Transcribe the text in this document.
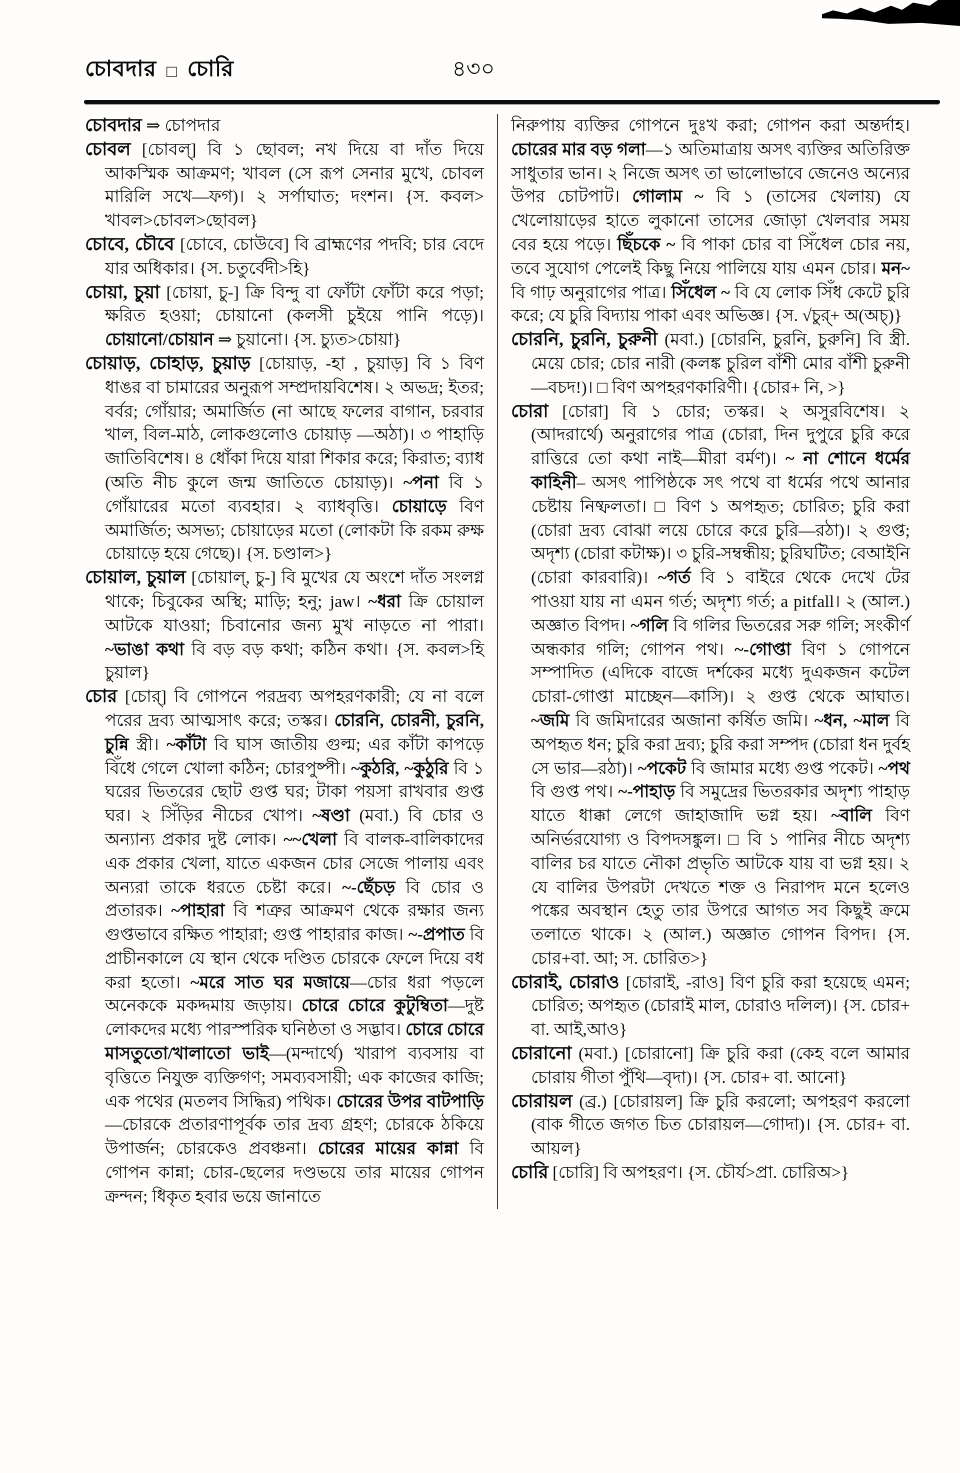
চোবদার □ চোরি	৪৩০

চোবদার ⇒ চোপদার

চোবল [চোবল্] বি ১ ছোবল; নখ দিয়ে বা দাঁত দিয়ে আকস্মিক আক্রমণ; খাবল (সে রূপ সেনার মুখে, চোবল মারিলি সখে—ফগ)। ২ সর্পাঘাত; দংশন। {স. কবল> খাবল>চোবল>ছোবল}

চোবে, চৌবে [চোবে, চোউবে] বি ব্রাহ্মণের পদবি; চার বেদে যার অধিকার। {স. চতুর্বেদী>হি}

চোয়া, চুয়া [চোয়া, চু-] ক্রি বিন্দু বা ফোঁটা ফোঁটা করে পড়া; ক্ষরিত হওয়া; চোয়ানো (কলসী চুইয়ে পানি পড়ে)। চোয়ানো/চোয়ান ⇒ চুয়ানো। {স. চ্যুত>চোয়া}

চোয়াড়, চোহাড়, চুয়াড় [চোয়াড়, -হা , চুয়াড়] বি ১ বিণ ধাঙর বা চামারের অনুরূপ সম্প্রদায়বিশেষ। ২ অভদ্র; ইতর; বর্বর; গোঁয়ার; অমার্জিত (না আছে ফলের বাগান, চরবার খাল, বিল-মাঠ, লোকগুলোও চোয়াড় —অঠা)। ৩ পাহাড়ি জাতিবিশেষ। ৪ ধোঁকা দিয়ে যারা শিকার করে; কিরাত; ব্যাধ (অতি নীচ কুলে জন্ম জাতিতে চোয়াড়)। ~পনা বি ১ গোঁয়ারের মতো ব্যবহার। ২ ব্যাধবৃত্তি। চোয়াড়ে বিণ অমার্জিত; অসভ্য; চোয়াড়ের মতো (লোকটা কি রকম রুক্ষ চোয়াড়ে হয়ে গেছে)। {স. চণ্ডাল>}

চোয়াল, চুয়াল [চোয়াল্, চু-] বি মুখের যে অংশে দাঁত সংলগ্ন থাকে; চিবুকের অস্থি; মাড়ি; হনু; jaw। ~ধরা ক্রি চোয়াল আটকে যাওয়া; চিবানোর জন্য মুখ নাড়তে না পারা। ~ভাঙা কথা বি বড় বড় কথা; কঠিন কথা। {স. কবল>হি চুয়াল}

চোর [চোর্] বি গোপনে পরদ্রব্য অপহরণকারী; যে না বলে পরের দ্রব্য আত্মসাৎ করে; তস্কর। চোরনি, চোরনী, চুরনি, চুন্নি স্ত্রী। ~কাঁটা বি ঘাস জাতীয় গুল্ম; এর কাঁটা কাপড়ে বিঁধে গেলে খোলা কঠিন; চোরপুষ্পী। ~কুঠরি, ~কুঠুরি বি ১ ঘরের ভিতরের ছোট গুপ্ত ঘর; টাকা পয়সা রাখবার গুপ্ত ঘর। ২ সিঁড়ির নীচের খোপ। ~ষণ্ডা (মবা.) বি চোর ও অন্যান্য প্রকার দুষ্ট লোক। ~~খেলা বি বালক-বালিকাদের এক প্রকার খেলা, যাতে একজন চোর সেজে পালায় এবং অন্যরা তাকে ধরতে চেষ্টা করে। ~-ছেঁচড় বি চোর ও প্রতারক। ~পাহারা বি শত্রুর আক্রমণ থেকে রক্ষার জন্য গুপ্তভাবে রক্ষিত পাহারা; গুপ্ত পাহারার কাজ। ~-প্রপাত বি প্রাচীনকালে যে স্থান থেকে দণ্ডিত চোরকে ফেলে দিয়ে বধ করা হতো। ~মরে সাত ঘর মজায়ে—চোর ধরা পড়লে অনেককে মকদ্দমায় জড়ায়। চোরে চোরে কুটুম্বিতা—দুষ্ট লোকদের মধ্যে পারস্পরিক ঘনিষ্ঠতা ও সদ্ভাব। চোরে চোরে মাসতুতো/খালাতো ভাই—(মন্দার্থে) খারাপ ব্যবসায় বা বৃত্তিতে নিযুক্ত ব্যক্তিগণ; সমব্যবসায়ী; এক কাজের কাজি; এক পথের (মতলব সিদ্ধির) পথিক। চোরের উপর বাটপাড়ি—চোরকে প্রতারণাপূর্বক তার দ্রব্য গ্রহণ; চোরকে ঠকিয়ে উপার্জন; চোরকেও প্রবঞ্চনা। চোরের মায়ের কান্না বি গোপন কান্না; চোর-ছেলের দণ্ডভয়ে তার মায়ের গোপন ক্রন্দন; ধিকৃত হবার ভয়ে জানাতে

নিরুপায় ব্যক্তির গোপনে দুঃখ করা; গোপন করা অন্তর্দাহ। চোরের মার বড় গলা—১ অতিমাত্রায় অসৎ ব্যক্তির অতিরিক্ত সাধুতার ভান। ২ নিজে অসৎ তা ভালোভাবে জেনেও অন্যের উপর চোটপাট। গোলাম ~ বি ১ (তাসের খেলায়) যে খেলোয়াড়ের হাতে লুকানো তাসের জোড়া খেলবার সময় বের হয়ে পড়ে। ছিঁচকে ~ বি পাকা চোর বা সিঁধেল চোর নয়, তবে সুযোগ পেলেই কিছু নিয়ে পালিয়ে যায় এমন চোর। মন~ বি গাঢ় অনুরাগের পাত্র। সিঁধেল ~ বি যে লোক সিঁধ কেটে চুরি করে; যে চুরি বিদ্যায় পাকা এবং অভিজ্ঞ। {স. √চুর্+ অ(অচ্)}

চোরনি, চুরনি, চুরুনী (মবা.) [চোরনি, চুরনি, চুরুনি] বি স্ত্রী. মেয়ে চোর; চোর নারী (কলঙ্ক চুরিল বাঁশী মোর বাঁশী চুরুনী—বচদ!)। □ বিণ অপহরণকারিণী। {চোর+ নি, >}

চোরা [চোরা] বি ১ চোর; তস্কর। ২ অসুরবিশেষ। ২ (আদরার্থে) অনুরাগের পাত্র (চোরা, দিন দুপুরে চুরি করে রাত্তিরে তো কথা নাই—মীরা বর্মণ)। ~ না শোনে ধর্মের কাহিনী– অসৎ পাপিষ্ঠকে সৎ পথে বা ধর্মের পথে আনার চেষ্টায় নিষ্ফলতা। □ বিণ ১ অপহৃত; চোরিত; চুরি করা (চোরা দ্রব্য বোঝা লয়ে চোরে করে চুরি—রঠা)। ২ গুপ্ত; অদৃশ্য (চোরা কটাক্ষ)। ৩ চুরি-সম্বন্ধীয়; চুরিঘটিত; বেআইনি (চোরা কারবারি)। ~গর্ত বি ১ বাইরে থেকে দেখে টের পাওয়া যায় না এমন গর্ত; অদৃশ্য গর্ত; a pitfall। ২ (আল.) অজ্ঞাত বিপদ। ~গলি বি গলির ভিতরের সরু গলি; সংকীর্ণ অন্ধকার গলি; গোপন পথ। ~-গোপ্তা বিণ ১ গোপনে সম্পাদিত (এদিকে বাজে দর্শকের মধ্যে দুএকজন কটেল চোরা-গোপ্তা মাচ্ছেন—কাসি)। ২ গুপ্ত থেকে আঘাত। ~জমি বি জমিদারের অজানা কর্ষিত জমি। ~ধন, ~মাল বি অপহৃত ধন; চুরি করা দ্রব্য; চুরি করা সম্পদ (চোরা ধন দুর্বহ সে ভার—রঠা)। ~পকেট বি জামার মধ্যে গুপ্ত পকেট। ~পথ বি গুপ্ত পথ। ~-পাহাড় বি সমুদ্রের ভিতরকার অদৃশ্য পাহাড় যাতে ধাক্কা লেগে জাহাজাদি ভগ্ন হয়। ~বালি বিণ অনির্ভরযোগ্য ও বিপদসঙ্কুল। □ বি ১ পানির নীচে অদৃশ্য বালির চর যাতে নৌকা প্রভৃতি আটকে যায় বা ভগ্ন হয়। ২ যে বালির উপরটা দেখতে শক্ত ও নিরাপদ মনে হলেও পঙ্কের অবস্থান হেতু তার উপরে আগত সব কিছুই ক্রমে তলাতে থাকে। ২ (আল.) অজ্ঞাত গোপন বিপদ। {স. চোর+বা. আ; স. চোরিত>}

চোরাই, চোরাও [চোরাই, -রাও] বিণ চুরি করা হয়েছে এমন; চোরিত; অপহৃত (চোরাই মাল, চোরাও দলিল)। {স. চোর+ বা. আই,আও}

চোরানো (মবা.) [চোরানো] ক্রি চুরি করা (কেহ বলে আমার চোরায় গীতা পুঁথি—বৃদা)। {স. চোর+ বা. আনো}

চোরায়ল (ব্র.) [চোরায়ল] ক্রি চুরি করলো; অপহরণ করলো (বাক গীতে জগত চিত চোরায়ল—গোদা)। {স. চোর+ বা. আয়ল}

চোরি [চোরি] বি অপহরণ। {স. চৌর্য>প্রা. চোরিঅ>}
